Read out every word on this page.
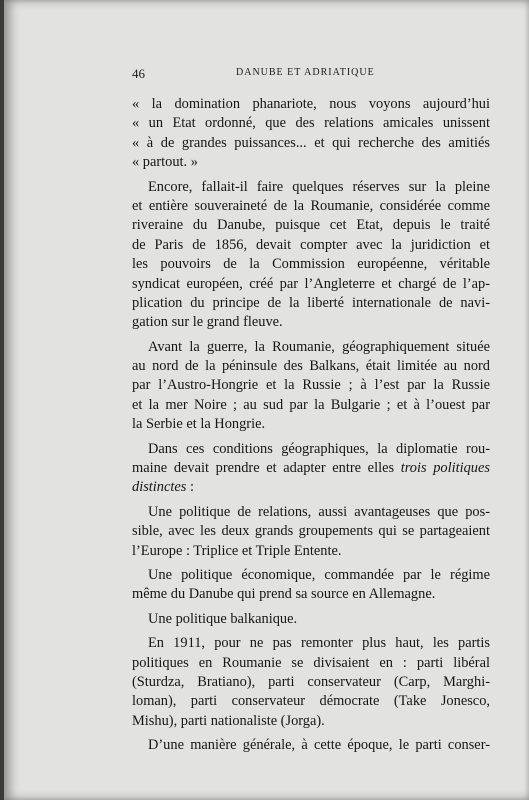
46	DANUBE ET ADRIATIQUE
« la domination phanariote, nous voyons aujourd’hui
« un Etat ordonné, que des relations amicales unissent
« à de grandes puissances... et qui recherche des amitiés
« partout. »
Encore, fallait-il faire quelques réserves sur la pleine
et entière souveraineté de la Roumanie, considérée comme
riveraine du Danube, puisque cet Etat, depuis le traité
de Paris de 1856, devait compter avec la juridiction et
les pouvoirs de la Commission européenne, véritable
syndicat européen, créé par l’Angleterre et chargé de l’ap-
plication du principe de la liberté internationale de navi-
gation sur le grand fleuve.
Avant la guerre, la Roumanie, géographiquement située
au nord de la péninsule des Balkans, était limitée au nord
par l’Austro-Hongrie et la Russie ; à l’est par la Russie
et la mer Noire ; au sud par la Bulgarie ; et à l’ouest par
la Serbie et la Hongrie.
Dans ces conditions géographiques, la diplomatie rou-
maine devait prendre et adapter entre elles trois politiques
distinctes :
Une politique de relations, aussi avantageuses que pos-
sible, avec les deux grands groupements qui se partageaient
l’Europe : Triplice et Triple Entente.
Une politique économique, commandée par le régime
même du Danube qui prend sa source en Allemagne.
Une politique balkanique.
En 1911, pour ne pas remonter plus haut, les partis
politiques en Roumanie se divisaient en : parti libéral
(Sturdza, Bratiano), parti conservateur (Carp, Marghi-
loman), parti conservateur démocrate (Take Jonesco,
Mishu), parti nationaliste (Jorga).
D’une manière générale, à cette époque, le parti conser-
